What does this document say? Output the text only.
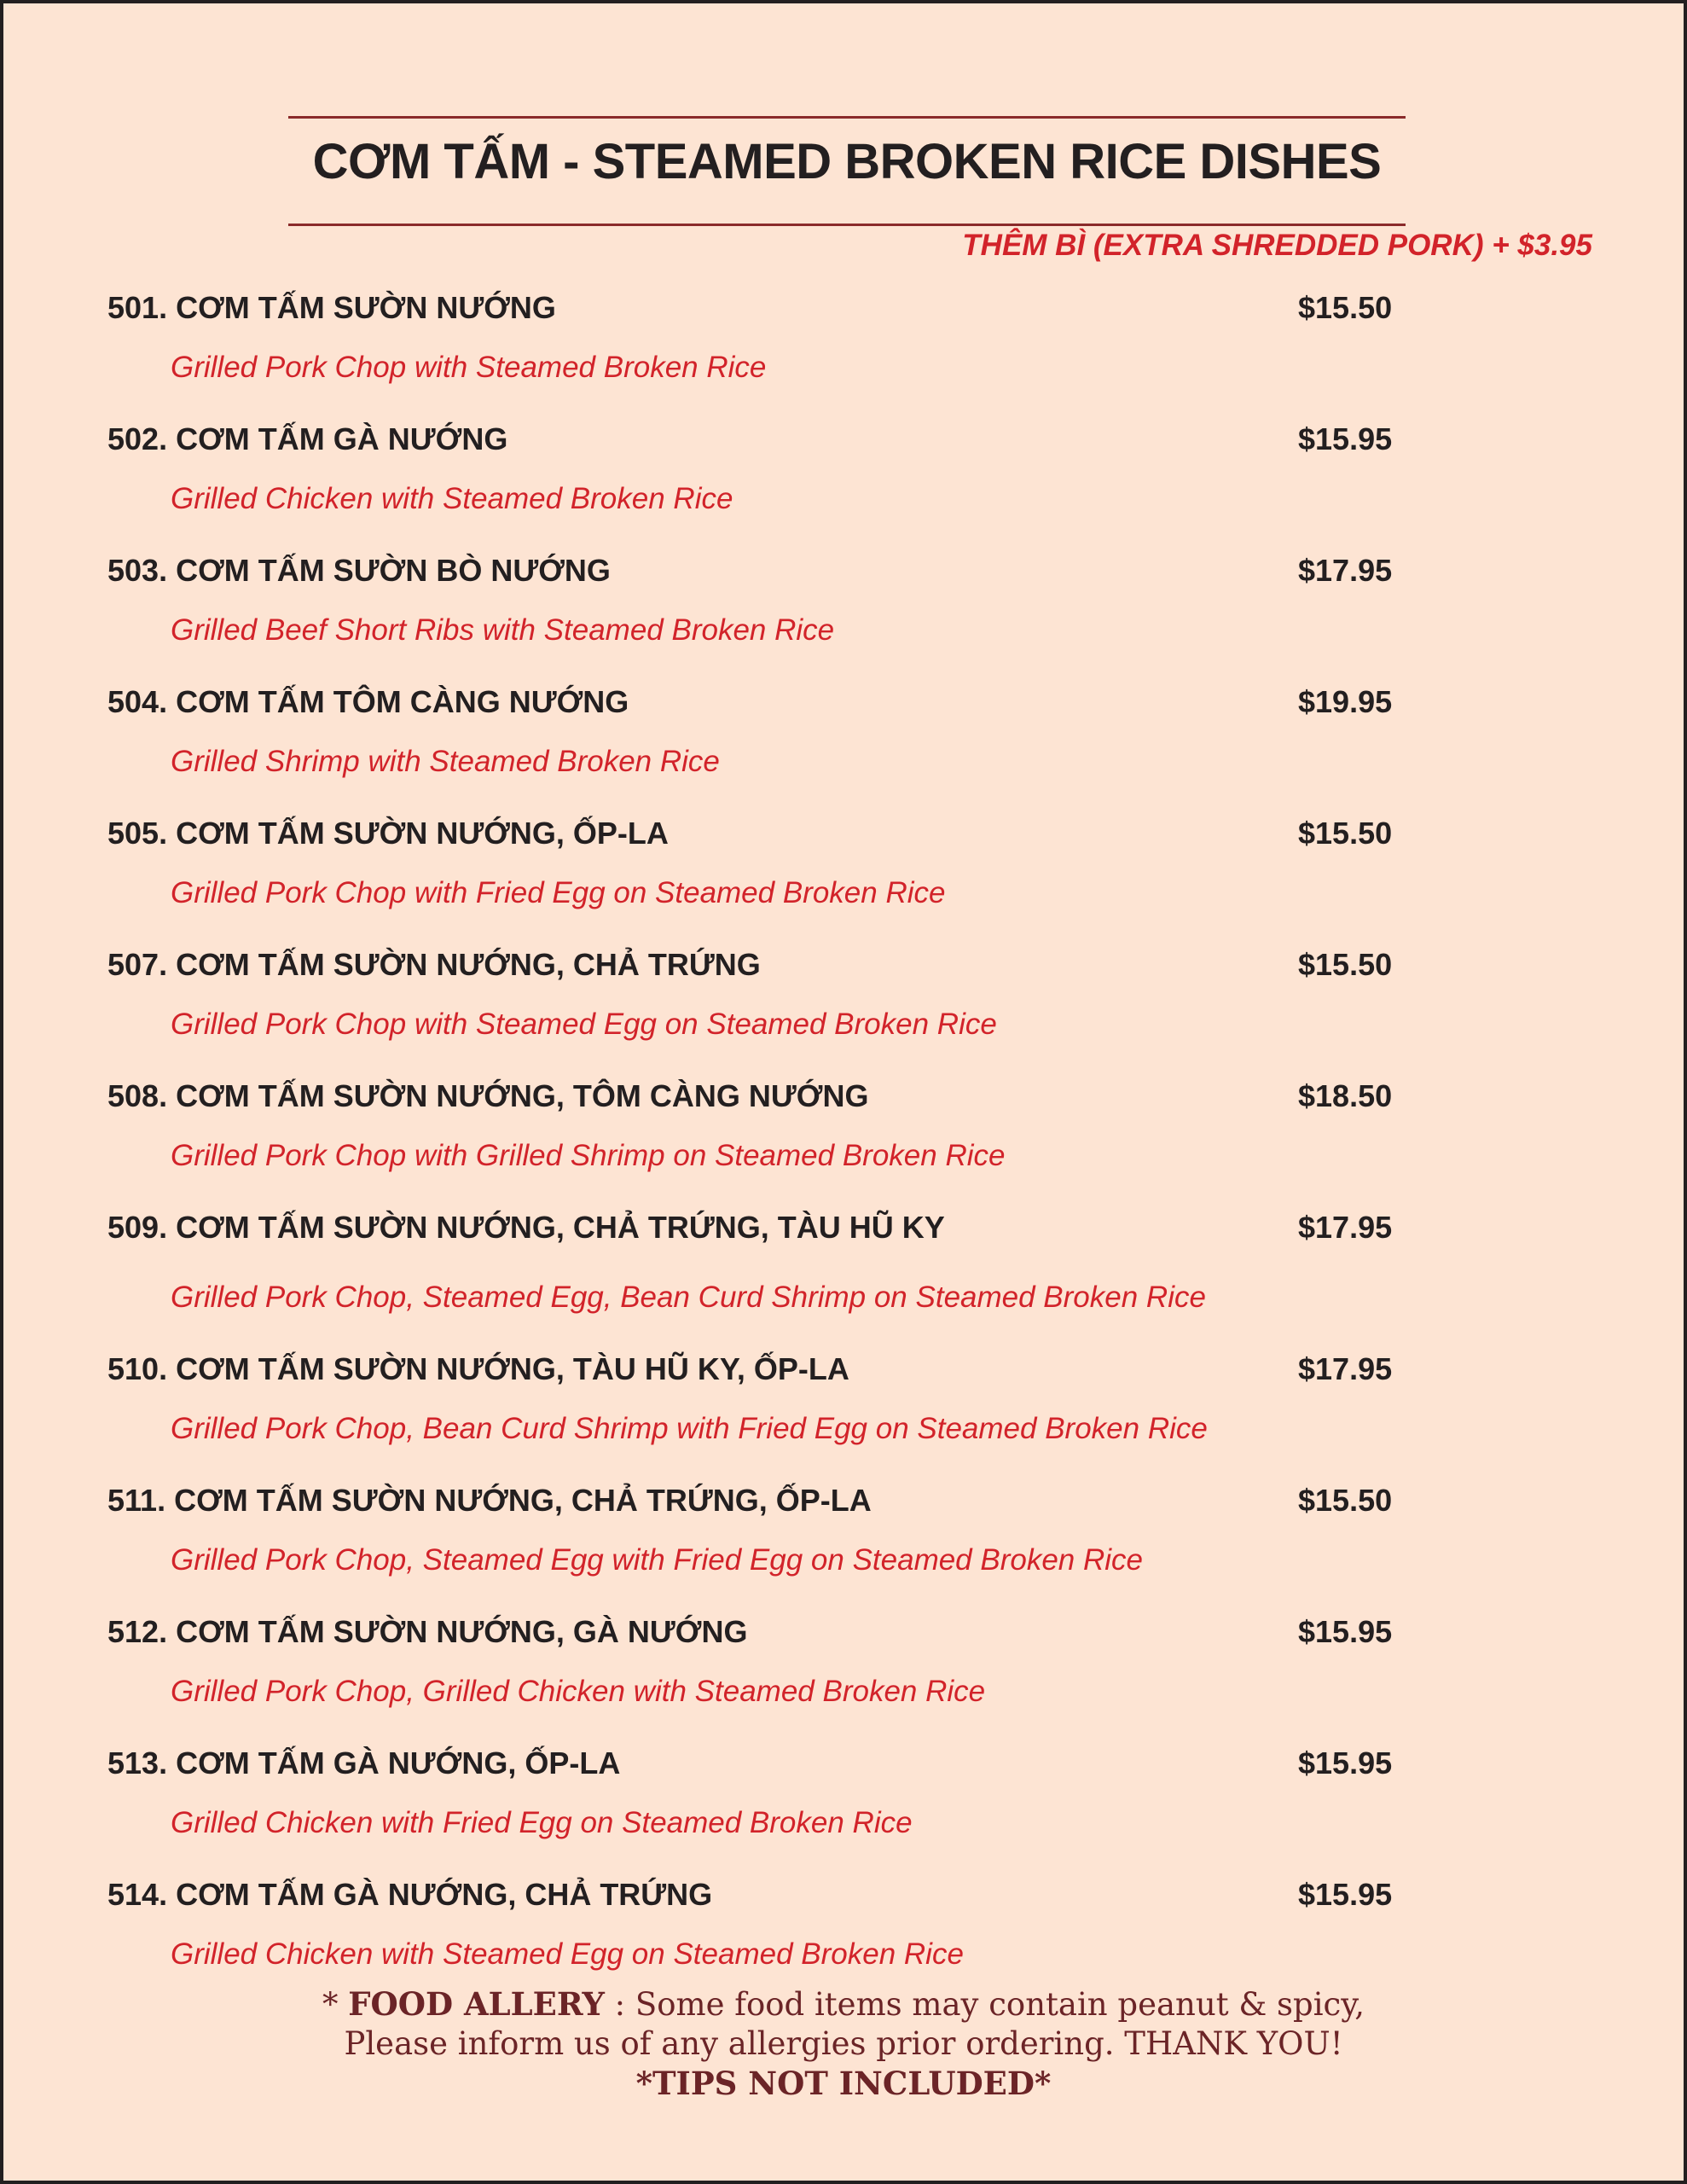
CƠM TẤM - STEAMED BROKEN RICE DISHES
THÊM BÌ (EXTRA SHREDDED PORK) + $3.95
501. CƠM TẤM SƯỜN NƯỚNG	$15.50
Grilled Pork Chop with Steamed Broken Rice
502. CƠM TẤM GÀ NƯỚNG	$15.95
Grilled Chicken with Steamed Broken Rice
503. CƠM TẤM SƯỜN BÒ NƯỚNG	$17.95
Grilled Beef Short Ribs with Steamed Broken Rice
504. CƠM TẤM TÔM CÀNG NƯỚNG	$19.95
Grilled Shrimp with Steamed Broken Rice
505. CƠM TẤM SƯỜN NƯỚNG, ỐP-LA	$15.50
Grilled Pork Chop with Fried Egg on Steamed Broken Rice
507. CƠM TẤM SƯỜN NƯỚNG, CHẢ TRỨNG	$15.50
Grilled Pork Chop with Steamed Egg on Steamed Broken Rice
508. CƠM TẤM SƯỜN NƯỚNG, TÔM CÀNG NƯỚNG	$18.50
Grilled Pork Chop with Grilled Shrimp on Steamed Broken Rice
509. CƠM TẤM SƯỜN NƯỚNG, CHẢ TRỨNG, TÀU HŨ KY	$17.95
Grilled Pork Chop, Steamed Egg, Bean Curd Shrimp on Steamed Broken Rice
510. CƠM TẤM SƯỜN NƯỚNG, TÀU HŨ KY, ỐP-LA	$17.95
Grilled Pork Chop, Bean Curd Shrimp with Fried Egg on Steamed Broken Rice
511. CƠM TẤM SƯỜN NƯỚNG, CHẢ TRỨNG, ỐP-LA	$15.50
Grilled Pork Chop, Steamed Egg with Fried Egg on Steamed Broken Rice
512. CƠM TẤM SƯỜN NƯỚNG, GÀ NƯỚNG	$15.95
Grilled Pork Chop, Grilled Chicken with Steamed Broken Rice
513. CƠM TẤM GÀ NƯỚNG, ỐP-LA	$15.95
Grilled Chicken with Fried Egg on Steamed Broken Rice
514. CƠM TẤM GÀ NƯỚNG, CHẢ TRỨNG	$15.95
Grilled Chicken with Steamed Egg on Steamed Broken Rice
* FOOD ALLERY : Some food items may contain peanut & spicy,
Please inform us of any allergies prior ordering. THANK YOU!
*TIPS NOT INCLUDED*
